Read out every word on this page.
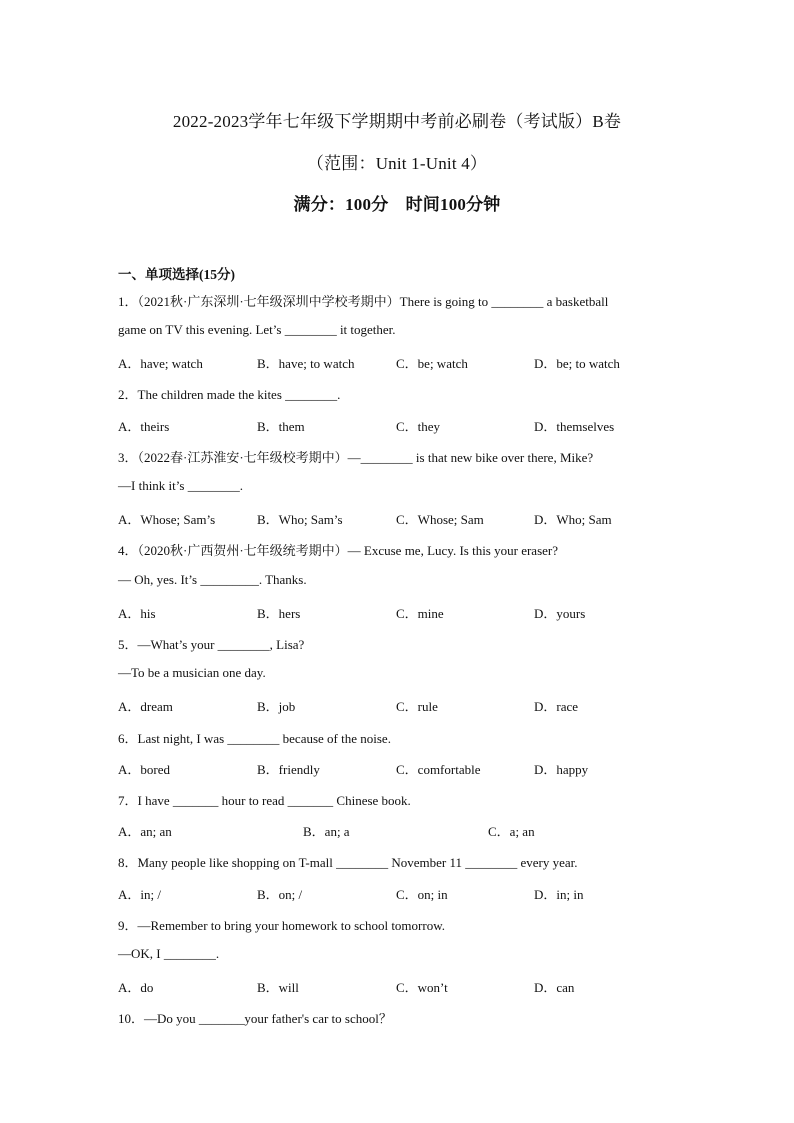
2022-2023学年七年级下学期期中考前必刷卷（考试版）B卷
（范围：Unit 1-Unit 4）
满分：100分　时间100分钟
一、单项选择(15分)
1．（2021秋·广东深圳·七年级深圳中学校考期中）There is going to ________ a basketball
game on TV this evening. Let’s ________ it together.
A．have; watch	B．have; to watch	C．be; watch	D．be; to watch
2．The children made the kites ________.
A．theirs	B．them	C．they	D．themselves
3．（2022春·江苏淮安·七年级校考期中）—________ is that new bike over there, Mike?
—I think it’s ________.
A．Whose; Sam’s	B．Who; Sam’s	C．Whose; Sam	D．Who; Sam
4．（2020秋·广西贺州·七年级统考期中）— Excuse me, Lucy. Is this your eraser?
— Oh, yes. It’s _________. Thanks.
A．his	B．hers	C．mine	D．yours
5．—What’s your ________, Lisa?
—To be a musician one day.
A．dream	B．job	C．rule	D．race
6．Last night, I was ________ because of the noise.
A．bored	B．friendly	C．comfortable	D．happy
7．I have _______ hour to read _______ Chinese book.
A．an; an	B．an; a	C．a; an
8．Many people like shopping on T-mall ________ November 11 ________ every year.
A．in; /	B．on; /	C．on; in	D．in; in
9．—Remember to bring your homework to school tomorrow.
—OK, I ________.
A．do	B．will	C．won’t	D．can
10．—Do you _______your father's car to school？
